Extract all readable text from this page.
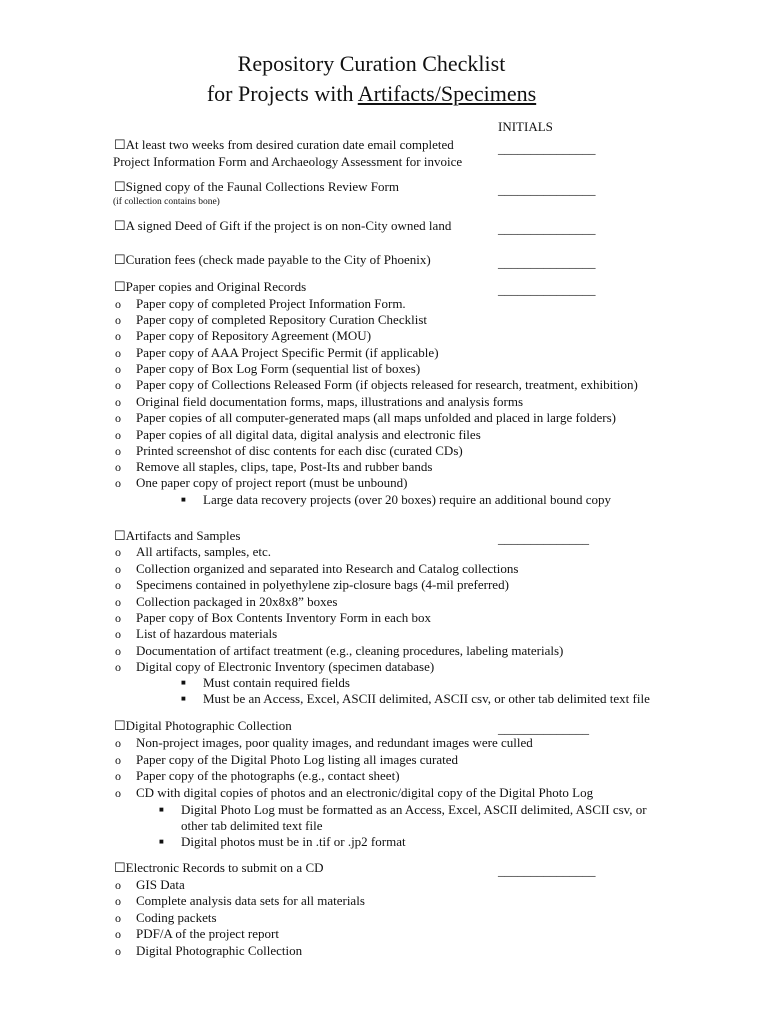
Repository Curation Checklist
for Projects with Artifacts/Specimens
INITIALS
☐At least two weeks from desired curation date email completed
Project Information Form and Archaeology Assessment for invoice
_______________
☐Signed copy of the Faunal Collections Review Form
(if collection contains bone)
_______________
☐A signed Deed of Gift if the project is on non-City owned land	_______________
☐Curation fees (check made payable to the City of Phoenix)	_______________
☐Paper copies and Original Records	_______________
o	Paper copy of completed Project Information Form.
o	Paper copy of completed Repository Curation Checklist
o	Paper copy of Repository Agreement (MOU)
o	Paper copy of AAA Project Specific Permit (if applicable)
o	Paper copy of Box Log Form (sequential list of boxes)
o	Paper copy of Collections Released Form (if objects released for research, treatment, exhibition)
o	Original field documentation forms, maps, illustrations and analysis forms
o	Paper copies of all computer-generated maps (all maps unfolded and placed in large folders)
o	Paper copies of all digital data, digital analysis and electronic files
o	Printed screenshot of disc contents for each disc (curated CDs)
o	Remove all staples, clips, tape, Post-Its and rubber bands
o	One paper copy of project report (must be unbound)
■ Large data recovery projects (over 20 boxes) require an additional bound copy
☐Artifacts and Samples	______________
o	All artifacts, samples, etc.
o	Collection organized and separated into Research and Catalog collections
o	Specimens contained in polyethylene zip-closure bags (4-mil preferred)
o	Collection packaged in 20x8x8” boxes
o	Paper copy of Box Contents Inventory Form in each box
o	List of hazardous materials
o	Documentation of artifact treatment (e.g., cleaning procedures, labeling materials)
o	Digital copy of Electronic Inventory (specimen database)
■ Must contain required fields
■ Must be an Access, Excel, ASCII delimited, ASCII csv, or other tab delimited text file
☐Digital Photographic Collection	______________
o	Non-project images, poor quality images, and redundant images were culled
o	Paper copy of the Digital Photo Log listing all images curated
o	Paper copy of the photographs (e.g., contact sheet)
o	CD with digital copies of photos and an electronic/digital copy of the Digital Photo Log
■ Digital Photo Log must be formatted as an Access, Excel, ASCII delimited, ASCII csv, or
other tab delimited text file
■ Digital photos must be in .tif or .jp2 format
☐Electronic Records to submit on a CD	_______________
o	GIS Data
o	Complete analysis data sets for all materials
o	Coding packets
o	PDF/A of the project report
o	Digital Photographic Collection
